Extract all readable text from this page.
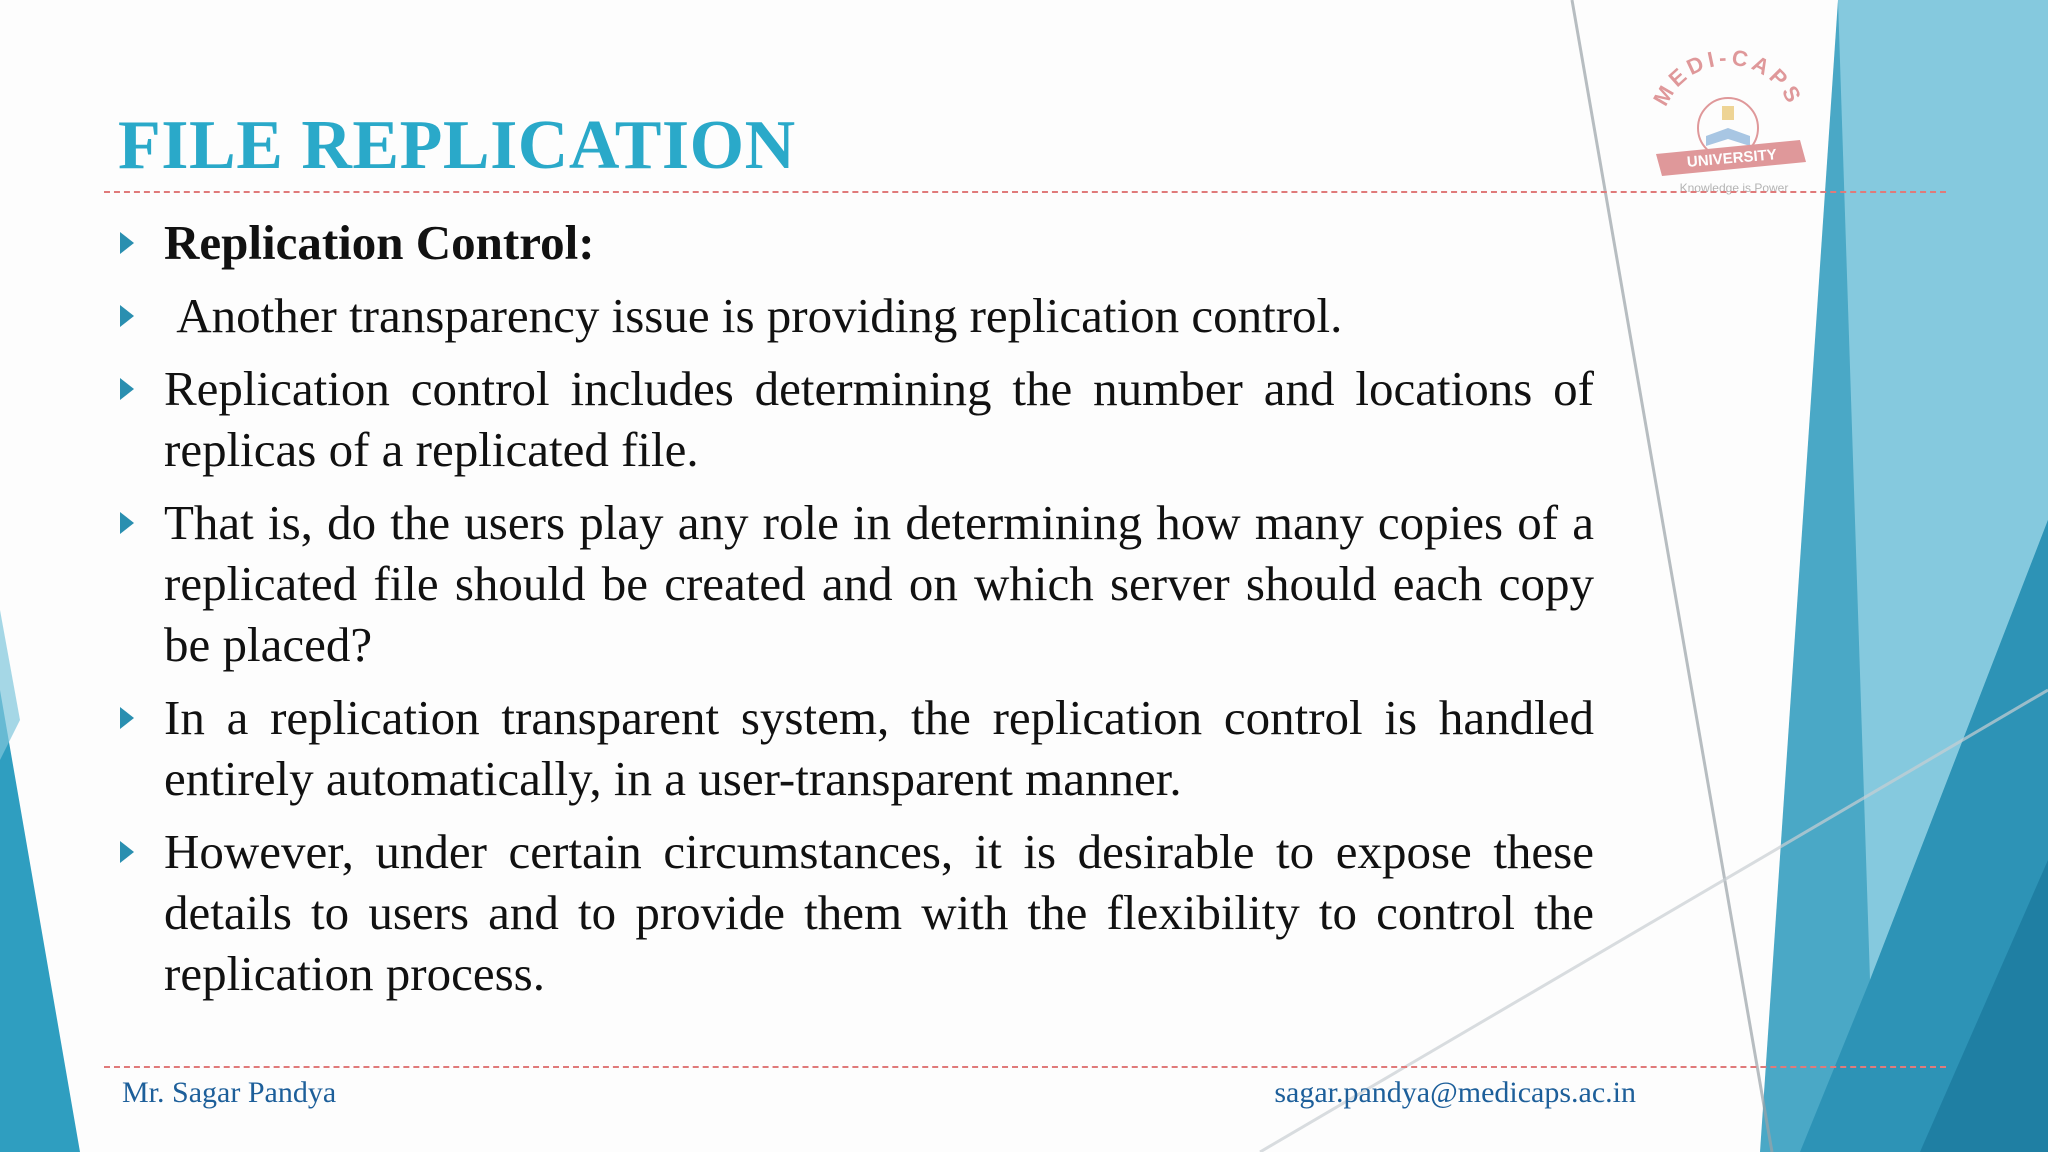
MEDI-CAPS
UNIVERSITY
Knowledge is Power
FILE REPLICATION
Replication Control:
Another transparency issue is providing replication control.
Replication control includes determining the number and locations of replicas of a replicated file.
That is, do the users play any role in determining how many copies of a replicated file should be created and on which server should each copy be placed?
In a replication transparent system, the replication control is handled entirely automatically, in a user-transparent manner.
However, under certain circumstances, it is desirable to expose these details to users and to provide them with the flexibility to control the replication process.
Mr. Sagar Pandya	sagar.pandya@medicaps.ac.in
